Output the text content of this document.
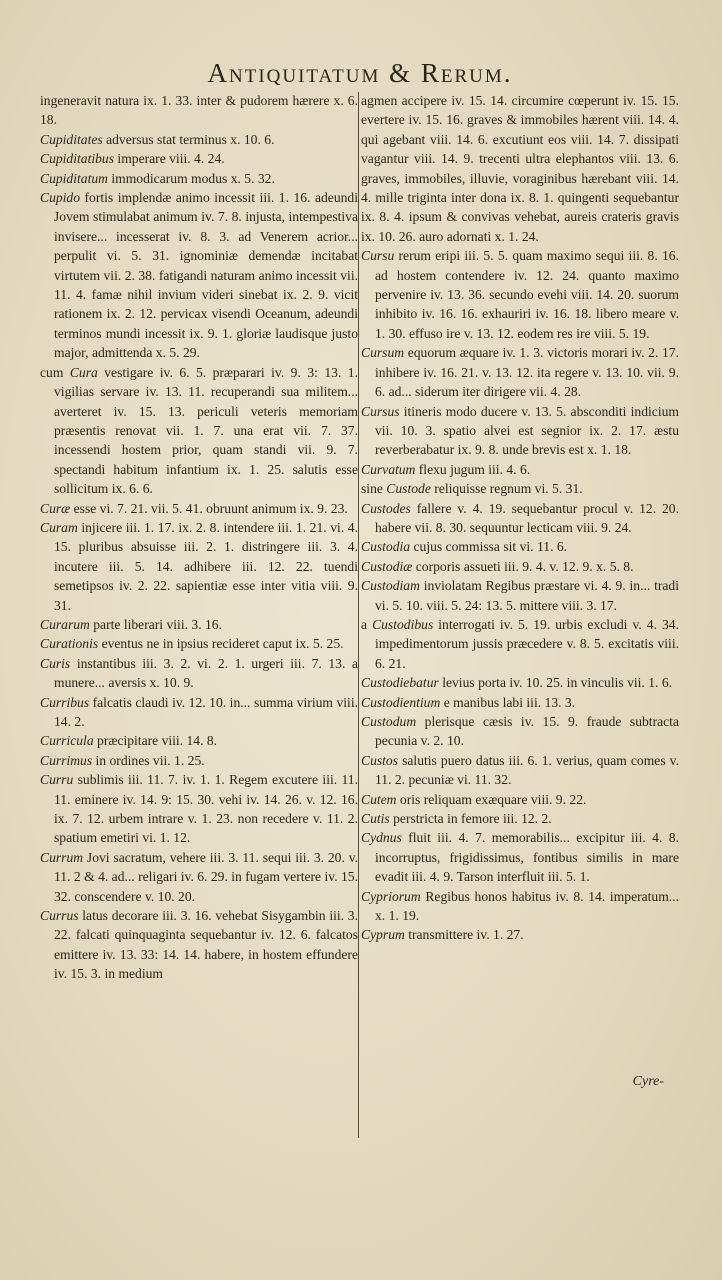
Antiquitatum & Rerum.

ingeneravit natura ix. 1. 33. inter & pudorem hærere x. 6. 18.

Cupiditates adversus stat terminus x. 10. 6.

Cupiditatibus imperare viii. 4. 24.

Cupiditatum immodicarum modus x. 5. 32.

Cupido fortis implendæ animo incessit iii. 1. 16. adeundi Jovem stimulabat animum iv. 7. 8. injusta, intempestiva invisere... incesserat iv. 8. 3. ad Venerem acrior... perpulit vi. 5. 31. ignominiæ demendæ incitabat virtutem vii. 2. 38. fatigandi naturam animo incessit vii. 11. 4. famæ nihil invium videri sinebat ix. 2. 9. vicit rationem ix. 2. 12. pervicax visendi Oceanum, adeundi terminos mundi incessit ix. 9. 1. gloriæ laudisque justo major, admittenda x. 5. 29.

cum Cura vestigare iv. 6. 5. præparari iv. 9. 3: 13. 1. vigilias servare iv. 13. 11. recuperandi sua militem... averteret iv. 15. 13. periculi veteris memoriam præsentis renovat vii. 1. 7. una erat vii. 7. 37. incessendi hostem prior, quam standi vii. 9. 7. spectandi habitum infantium ix. 1. 25. salutis esse sollicitum ix. 6. 6.

Curæ esse vi. 7. 21. vii. 5. 41. obruunt animum ix. 9. 23.

Curam injicere iii. 1. 17. ix. 2. 8. intendere iii. 1. 21. vi. 4. 15. pluribus absuisse iii. 2. 1. distringere iii. 3. 4. incutere iii. 5. 14. adhibere iii. 12. 22. tuendi semetipsos iv. 2. 22. sapientiæ esse inter vitia viii. 9. 31.

Curarum parte liberari viii. 3. 16.

Curationis eventus ne in ipsius recideret caput ix. 5. 25.

Curis instantibus iii. 3. 2. vi. 2. 1. urgeri iii. 7. 13. a munere... aversis x. 10. 9.

Curribus falcatis claudi iv. 12. 10. in... summa virium viii. 14. 2.

Curricula præcipitare viii. 14. 8.

Currimus in ordines vii. 1. 25.

Curru sublimis iii. 11. 7. iv. 1. 1. Regem excutere iii. 11. 11. eminere iv. 14. 9: 15. 30. vehi iv. 14. 26. v. 12. 16. ix. 7. 12. urbem intrare v. 1. 23. non recedere v. 11. 2. spatium emetiri vi. 1. 12.

Currum Jovi sacratum, vehere iii. 3. 11. sequi iii. 3. 20. v. 11. 2 & 4. ad... religari iv. 6. 29. in fugam vertere iv. 15. 32. conscendere v. 10. 20.

Currus latus decorare iii. 3. 16. vehebat Sisygambin iii. 3. 22. falcati quinquaginta sequebantur iv. 12. 6. falcatos emittere iv. 13. 33: 14. 14. habere, in hostem effundere iv. 15. 3. in medium

agmen accipere iv. 15. 14. circumire cœperunt iv. 15. 15. evertere iv. 15. 16. graves & immobiles hærent viii. 14. 4. qui agebant viii. 14. 6. excutiunt eos viii. 14. 7. dissipati vagantur viii. 14. 9. trecenti ultra elephantos viii. 13. 6. graves, immobiles, illuvie, voraginibus hærebant viii. 14. 4. mille triginta inter dona ix. 8. 1. quingenti sequebantur ix. 8. 4. ipsum & convivas vehebat, aureis crateris gravis ix. 10. 26. auro adornati x. 1. 24.

Cursu rerum eripi iii. 5. 5. quam maximo sequi iii. 8. 16. ad hostem contendere iv. 12. 24. quanto maximo pervenire iv. 13. 36. secundo evehi viii. 14. 20. suorum inhibito iv. 16. 16. exhauriri iv. 16. 18. libero meare v. 1. 30. effuso ire v. 13. 12. eodem res ire viii. 5. 19.

Cursum equorum æquare iv. 1. 3. victoris morari iv. 2. 17. inhibere iv. 16. 21. v. 13. 12. ita regere v. 13. 10. vii. 9. 6. ad... siderum iter dirigere vii. 4. 28.

Cursus itineris modo ducere v. 13. 5. absconditi indicium vii. 10. 3. spatio alvei est segnior ix. 2. 17. æstu reverberabatur ix. 9. 8. unde brevis est x. 1. 18.

Curvatum flexu jugum iii. 4. 6.

sine Custode reliquisse regnum vi. 5. 31.

Custodes fallere v. 4. 19. sequebantur procul v. 12. 20. habere vii. 8. 30. sequuntur lecticam viii. 9. 24.

Custodia cujus commissa sit vi. 11. 6.

Custodiæ corporis assueti iii. 9. 4. v. 12. 9. x. 5. 8.

Custodiam inviolatam Regibus præstare vi. 4. 9. in... tradi vi. 5. 10. viii. 5. 24: 13. 5. mittere viii. 3. 17.

a Custodibus interrogati iv. 5. 19. urbis excludi v. 4. 34. impedimentorum jussis præcedere v. 8. 5. excitatis viii. 6. 21.

Custodiebatur levius porta iv. 10. 25. in vinculis vii. 1. 6.

Custodientium e manibus labi iii. 13. 3.

Custodum plerisque cæsis iv. 15. 9. fraude subtracta pecunia v. 2. 10.

Custos salutis puero datus iii. 6. 1. verius, quam comes v. 11. 2. pecuniæ vi. 11. 32.

Cutem oris reliquam exæquare viii. 9. 22.

Cutis perstricta in femore iii. 12. 2.

Cydnus fluit iii. 4. 7. memorabilis... excipitur iii. 4. 8. incorruptus, frigidissimus, fontibus similis in mare evadit iii. 4. 9. Tarson interfluit iii. 5. 1.

Cypriorum Regibus honos habitus iv. 8. 14. imperatum... x. 1. 19.

Cyprum transmittere iv. 1. 27.

Cyre-
